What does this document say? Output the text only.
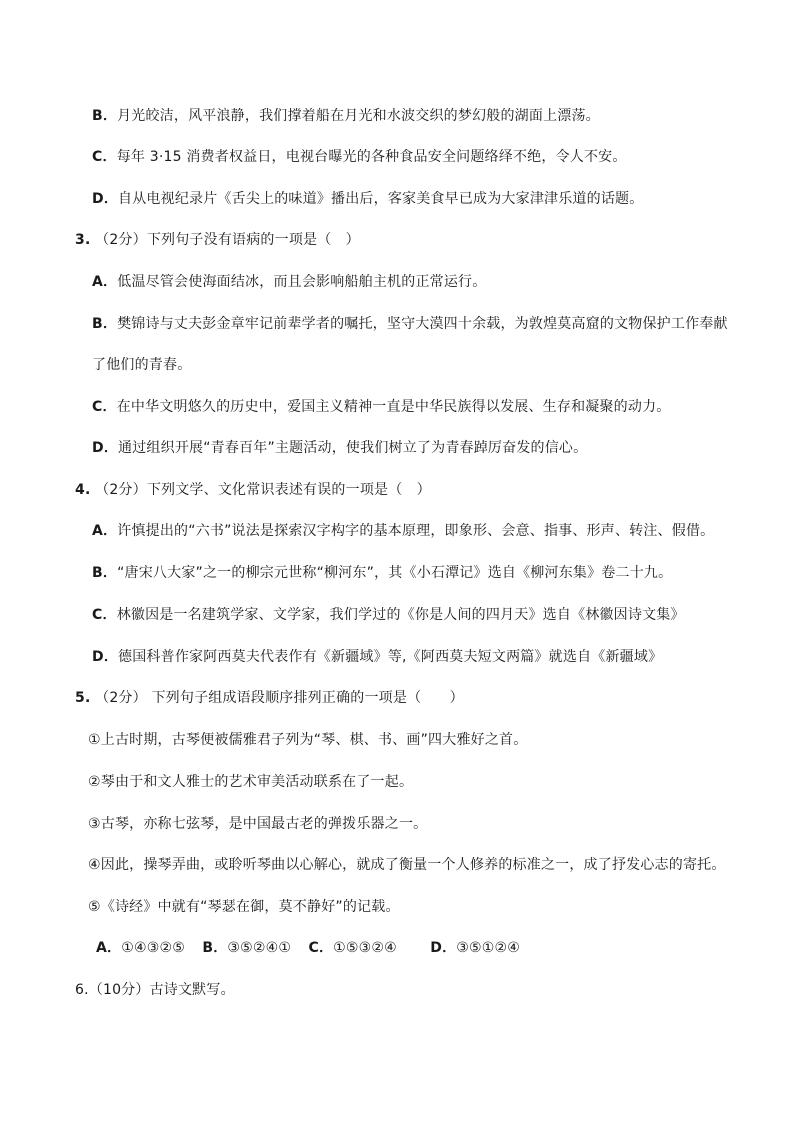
B．月光皎洁，风平浪静，我们撑着船在月光和水波交织的梦幻般的湖面上漂荡。
C．每年 3·15 消费者权益日，电视台曝光的各种食品安全问题络绎不绝，令人不安。
D．自从电视纪录片《舌尖上的味道》播出后，客家美食早已成为大家津津乐道的话题。
3. （2分）下列句子没有语病的一项是（　）
A．低温尽管会使海面结冰，而且会影响船舶主机的正常运行。
B．樊锦诗与丈夫彭金章牢记前辈学者的嘱托，坚守大漠四十余载，为敦煌莫高窟的文物保护工作奉献
了他们的青春。
C．在中华文明悠久的历史中，爱国主义精神一直是中华民族得以发展、生存和凝聚的动力。
D．通过组织开展“青春百年”主题活动，使我们树立了为青春踔厉奋发的信心。
4. （2分）下列文学、文化常识表述有误的一项是（　）
A．许慎提出的“六书”说法是探索汉字构字的基本原理，即象形、会意、指事、形声、转注、假借。
B．“唐宋八大家”之一的柳宗元世称“柳河东”，其《小石潭记》选自《柳河东集》卷二十九。
C．林徽因是一名建筑学家、文学家，我们学过的《你是人间的四月天》选自《林徽因诗文集》
D．德国科普作家阿西莫夫代表作有《新疆域》等,《阿西莫夫短文两篇》就选自《新疆域》
5. （2分） 下列句子组成语段顺序排列正确的一项是（　　）
①上古时期，古琴便被儒雅君子列为“琴、棋、书、画”四大雅好之首。
②琴由于和文人雅士的艺术审美活动联系在了一起。
③古琴，亦称七弦琴，是中国最古老的弹拨乐器之一。
④因此，操琴弄曲，或聆听琴曲以心解心，就成了衡量一个人修养的标准之一，成了抒发心志的寄托。
⑤《诗经》中就有“琴瑟在御，莫不静好”的记载。
A．①④③②⑤ B．③⑤②④① C．①⑤③②④ D．③⑤①②④
6.（10分）古诗文默写。
